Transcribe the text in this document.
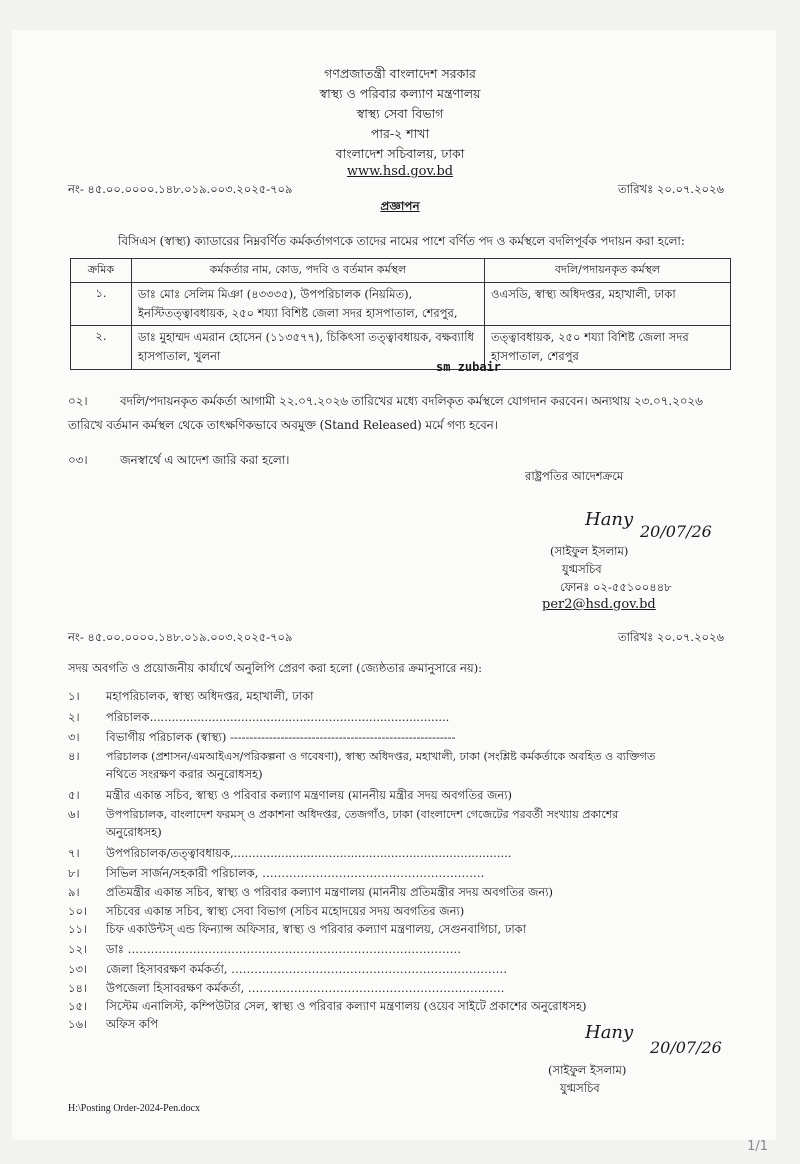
গণপ্রজাতন্ত্রী বাংলাদেশ সরকার
স্বাস্থ্য ও পরিবার কল্যাণ মন্ত্রণালয়
স্বাস্থ্য সেবা বিভাগ
পার-২ শাখা
বাংলাদেশ সচিবালয়, ঢাকা
www.hsd.gov.bd
নং- ৪৫.০০.০০০০.১৪৮.০১৯.০০৩.২০২৫-৭০৯	তারিখঃ ২০.০৭.২০২৬
প্রজ্ঞাপন
বিসিএস (স্বাস্থ্য) ক্যাডারের নিম্নবর্ণিত কর্মকর্তাগণকে তাদের নামের পাশে বর্ণিত পদ ও কর্মস্থলে বদলিপূর্বক পদায়ন করা হলো:
ক্রমিক	কর্মকর্তার নাম, কোড, পদবি ও বর্তমান কর্মস্থল	বদলি/পদায়নকৃত কর্মস্থল
১.	ডাঃ মোঃ সেলিম মিঞা (৪৩৩৩৫), উপপরিচালক (নিয়মিত), ইনস্টিতত্ত্বাবধায়ক, ২৫০ শয্যা বিশিষ্ট জেলা সদর হাসপাতাল, শেরপুর,	ওএসডি, স্বাস্থ্য অধিদপ্তর, মহাখালী, ঢাকা
২.	ডাঃ মুহাম্মদ এমরান হোসেন (১১৩৫৭৭), চিকিৎসা তত্ত্বাবধায়ক, বক্ষব্যাধি হাসপাতাল, খুলনা	তত্ত্বাবধায়ক, ২৫০ শয্যা বিশিষ্ট জেলা সদর হাসপাতাল, শেরপুর
sm zubair
০২।	বদলি/পদায়নকৃত কর্মকর্তা আগামী ২২.০৭.২০২৬ তারিখের মধ্যে বদলিকৃত কর্মস্থলে যোগদান করবেন। অন্যথায় ২৩.০৭.২০২৬
তারিখে বর্তমান কর্মস্থল থেকে তাৎক্ষণিকভাবে অবমুক্ত (Stand Released) মর্মে গণ্য হবেন।
০৩।	জনস্বার্থে এ আদেশ জারি করা হলো।
রাষ্ট্রপতির আদেশক্রমে
Hany
20/07/26
(সাইফুল ইসলাম)
যুগ্মসচিব
ফোনঃ ০২-৫৫১০০৪৪৮
per2@hsd.gov.bd
নং- ৪৫.০০.০০০০.১৪৮.০১৯.০০৩.২০২৫-৭০৯	তারিখঃ ২০.০৭.২০২৬
সদয় অবগতি ও প্রয়োজনীয় কার্যার্থে অনুলিপি প্রেরণ করা হলো (জ্যেষ্ঠতার ক্রমানুসারে নয়):
১। মহাপরিচালক, স্বাস্থ্য অধিদপ্তর, মহাখালী, ঢাকা
২। পরিচালক..................................................................................
৩। বিভাগীয় পরিচালক (স্বাস্থ্য) ----------------------------------------------------------
৪। পরিচালক (প্রশাসন/এমআইএস/পরিকল্পনা ও গবেষণা), স্বাস্থ্য অধিদপ্তর, মহাখালী, ঢাকা (সংশ্লিষ্ট কর্মকর্তাকে অবহিত ও ব্যক্তিগত
নথিতে সংরক্ষণ করার অনুরোধসহ)
৫। মন্ত্রীর একান্ত সচিব, স্বাস্থ্য ও পরিবার কল্যাণ মন্ত্রণালয় (মাননীয় মন্ত্রীর সদয় অবগতির জন্য)
৬। উপপরিচালক, বাংলাদেশ ফরমস্ ও প্রকাশনা অধিদপ্তর, তেজগাঁও, ঢাকা (বাংলাদেশ গেজেটের পরবর্তী সংখ্যায় প্রকাশের
অনুরোধসহ)
৭। উপপরিচালক/তত্ত্বাবধায়ক,............................................................................
৮। সিভিল সার্জন/সহকারী পরিচালক, ………………………………………………….
৯। প্রতিমন্ত্রীর একান্ত সচিব, স্বাস্থ্য ও পরিবার কল্যাণ মন্ত্রণালয় (মাননীয় প্রতিমন্ত্রীর সদয় অবগতির জন্য)
১০। সচিবের একান্ত সচিব, স্বাস্থ্য সেবা বিভাগ (সচিব মহোদয়ের সদয় অবগতির জন্য)
১১। চিফ একাউন্টস্ এন্ড ফিন্যান্স অফিসার, স্বাস্থ্য ও পরিবার কল্যাণ মন্ত্রণালয়, সেগুনবাগিচা, ঢাকা
১২। ডাঃ ……………………………………………………………………………
১৩। জেলা হিসাবরক্ষণ কর্মকর্তা, ………………………………………………………………
১৪। উপজেলা হিসাবরক্ষণ কর্মকর্তা, …………………………….……………………………
১৫। সিস্টেম এনালিস্ট, কম্পিউটার সেল, স্বাস্থ্য ও পরিবার কল্যাণ মন্ত্রণালয় (ওয়েব সাইটে প্রকাশের অনুরোধসহ)
১৬। অফিস কপি	Hany
20/07/26
(সাইফুল ইসলাম)
যুগ্মসচিব
H:\Posting Order-2024-Pen.docx
1/1
